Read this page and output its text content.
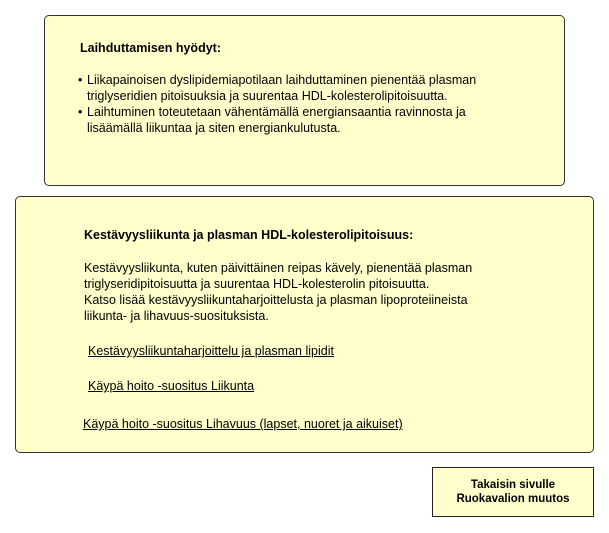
Laihduttamisen hyödyt:
• Liikapainoisen dyslipidemiapotilaan laihduttaminen pienentää plasman
triglyseridien pitoisuuksia ja suurentaa HDL-kolesterolipitoisuutta.
• Laihtuminen toteutetaan vähentämällä energiansaantia ravinnosta ja
lisäämällä liikuntaa ja siten energiankulutusta.
Kestävyysliikunta ja plasman HDL-kolesterolipitoisuus:
Kestävyysliikunta, kuten päivittäinen reipas kävely, pienentää plasman
triglyseridipitoisuutta ja suurentaa HDL-kolesterolin pitoisuutta.
Katso lisää kestävyysliikuntaharjoittelusta ja plasman lipoproteiineista
liikunta- ja lihavuus-suosituksista.
Kestävyysliikuntaharjoittelu ja plasman lipidit
Käypä hoito -suositus Liikunta
Käypä hoito -suositus Lihavuus (lapset, nuoret ja aikuiset)
Takaisin sivulle
Ruokavalion muutos
